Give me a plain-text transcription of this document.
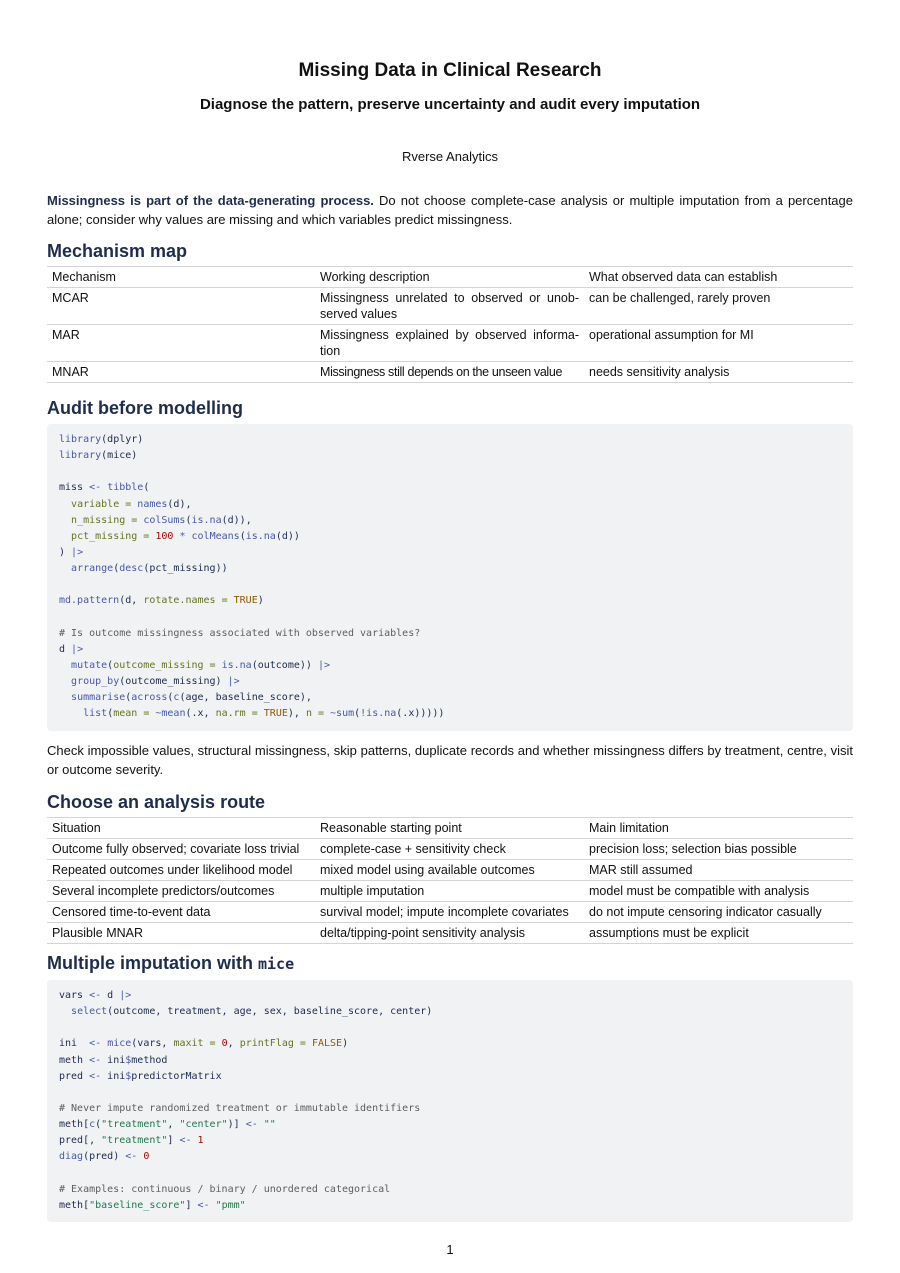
Missing Data in Clinical Research

Diagnose the pattern, preserve uncertainty and audit every imputation

Rverse Analytics

Missingness is part of the data-generating process. Do not choose complete-case analysis or multiple imputation from a percentage alone; consider why values are missing and which variables predict missingness.

Mechanism map
Mechanism	Working description	What observed data can establish
MCAR	Missingness unrelated to observed or unob-served values	can be challenged, rarely proven
MAR	Missingness explained by observed informa-tion	operational assumption for MI
MNAR	Missingness still depends on the unseen value	needs sensitivity analysis
Audit before modelling
library(dplyr)
library(mice)
miss <- tibble(
variable = names(d),
n_missing = colSums(is.na(d)),
pct_missing = 100 * colMeans(is.na(d))
) |>
arrange(desc(pct_missing))
md.pattern(d, rotate.names = TRUE)
# Is outcome missingness associated with observed variables?
d |>
mutate(outcome_missing = is.na(outcome)) |>
group_by(outcome_missing) |>
summarise(across(c(age, baseline_score),
list(mean = ~mean(.x, na.rm = TRUE), n = ~sum(!is.na(.x)))))

Check impossible values, structural missingness, skip patterns, duplicate records and whether missingness differs by treatment, centre, visit or outcome severity.

Choose an analysis route
Situation	Reasonable starting point	Main limitation
Outcome fully observed; covariate loss trivial	complete-case + sensitivity check	precision loss; selection bias possible
Repeated outcomes under likelihood model	mixed model using available outcomes	MAR still assumed
Several incomplete predictors/outcomes	multiple imputation	model must be compatible with analysis
Censored time-to-event data	survival model; impute incomplete covariates	do not impute censoring indicator casually
Plausible MNAR	delta/tipping-point sensitivity analysis	assumptions must be explicit
Multiple imputation with mice
vars <- d |>
select(outcome, treatment, age, sex, baseline_score, center)
ini  <- mice(vars, maxit = 0, printFlag = FALSE)
meth <- ini$method
pred <- ini$predictorMatrix
# Never impute randomized treatment or immutable identifiers
meth[c("treatment", "center")] <- ""
pred[, "treatment"] <- 1
diag(pred) <- 0
# Examples: continuous / binary / unordered categorical
meth["baseline_score"] <- "pmm"
1
